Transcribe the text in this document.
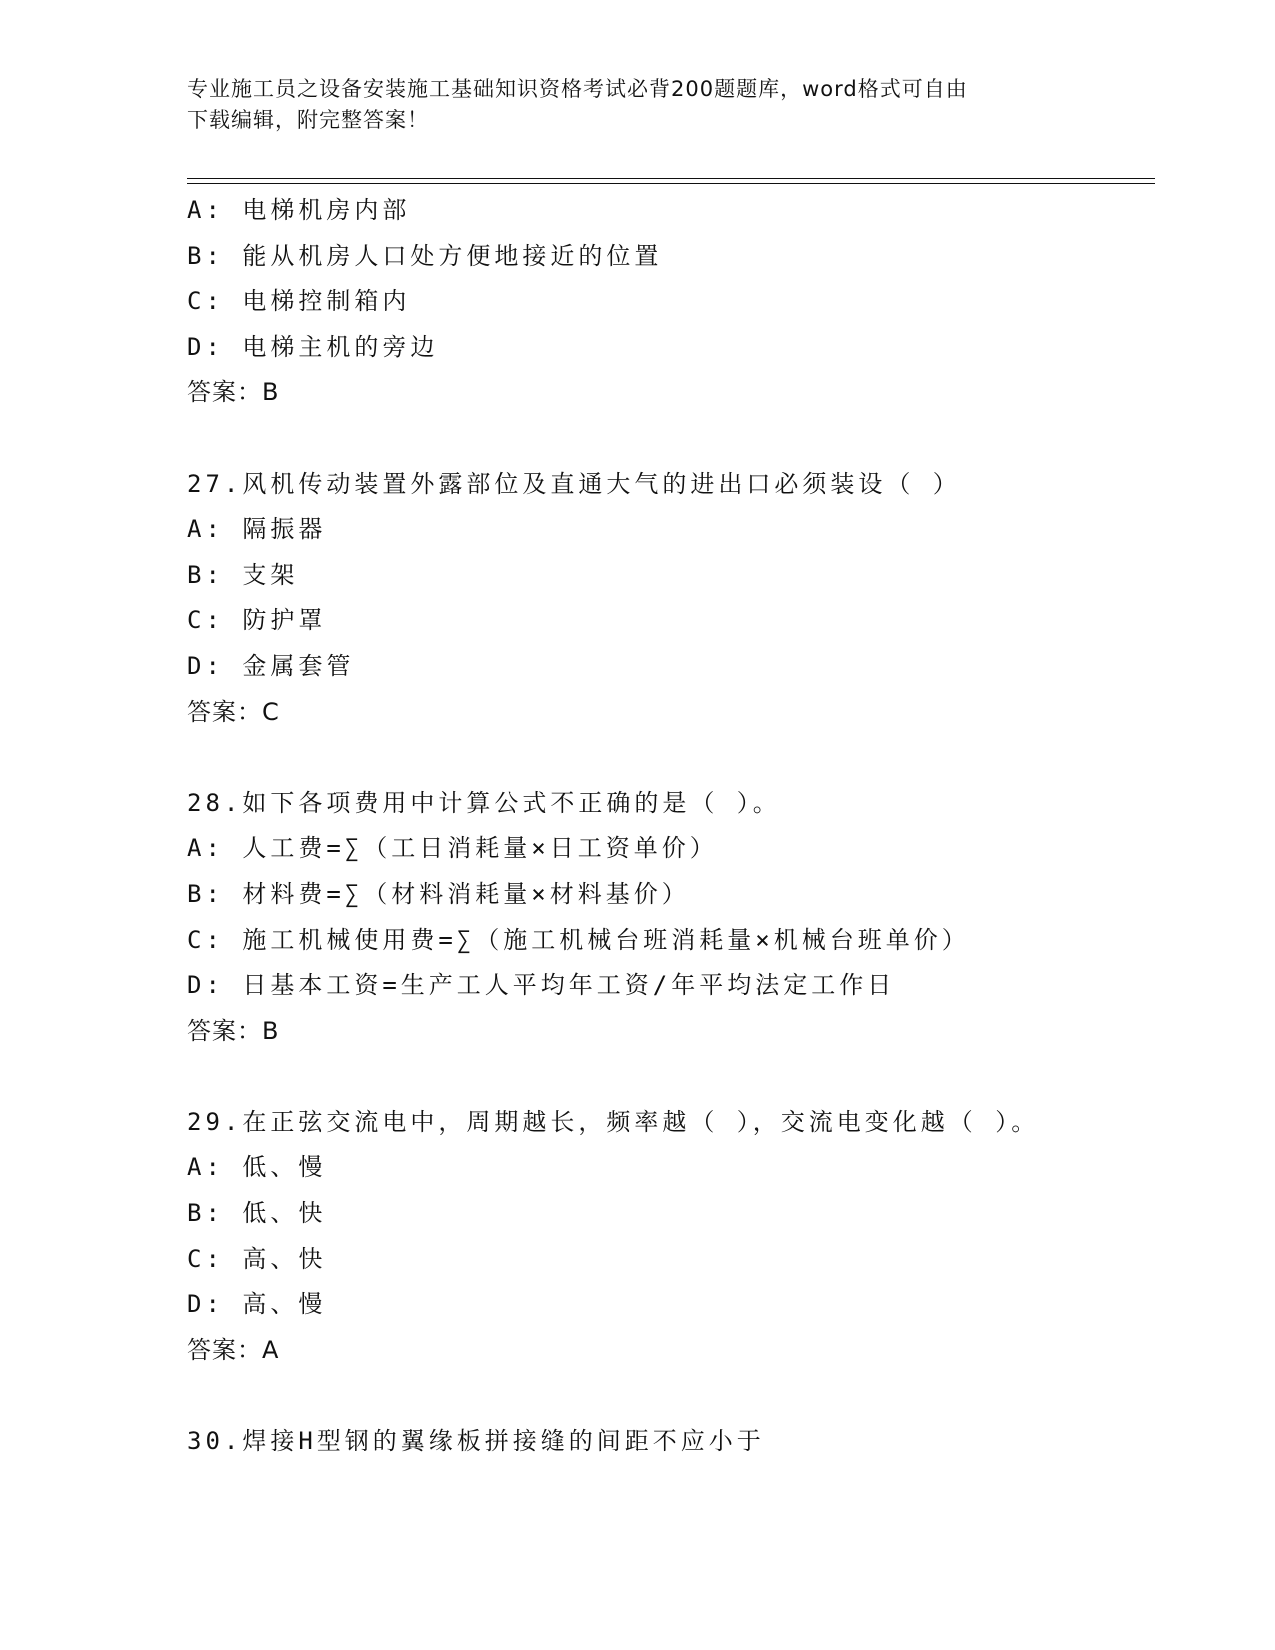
专业施工员之设备安装施工基础知识资格考试必背200题题库，word格式可自由
下载编辑，附完整答案！
A: 电梯机房内部
B: 能从机房人口处方便地接近的位置
C: 电梯控制箱内
D: 电梯主机的旁边
答案：B
27.风机传动装置外露部位及直通大气的进出口必须装设（ ）
A: 隔振器
B: 支架
C: 防护罩
D: 金属套管
答案：C
28.如下各项费用中计算公式不正确的是（ ）。
A: 人工费=∑（工日消耗量×日工资单价）
B: 材料费=∑（材料消耗量×材料基价）
C: 施工机械使用费=∑（施工机械台班消耗量×机械台班单价）
D: 日基本工资=生产工人平均年工资/年平均法定工作日
答案：B
29.在正弦交流电中，周期越长，频率越（ ），交流电变化越（ ）。
A: 低、慢
B: 低、快
C: 高、快
D: 高、慢
答案：A
30.焊接H型钢的翼缘板拼接缝的间距不应小于
